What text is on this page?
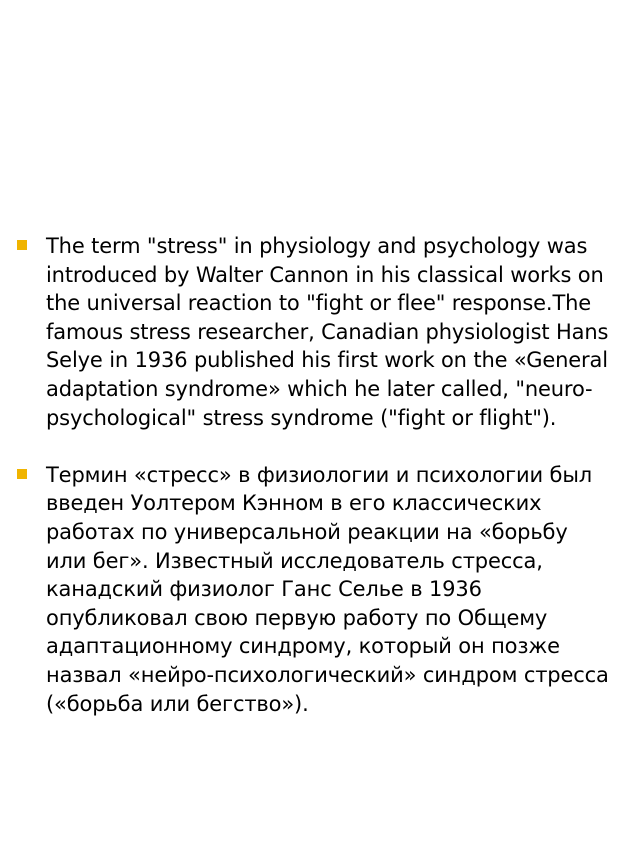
The term "stress" in physiology and psychology was introduced by Walter Cannon in his classical works on the universal reaction to "fight or flee" response.The famous stress researcher, Canadian physiologist Hans Selye in 1936 published his first work on the «General adaptation syndrome» which he later called, "neuro-psychological" stress syndrome ("fight or flight").
Термин «стресс» в физиологии и психологии был введен Уолтером Кэнном в его классических работах по универсальной реакции на «борьбу или бег». Известный исследователь стресса, канадский физиолог Ганс Селье в 1936 опубликовал свою первую работу по Общему адаптационному синдрому, который он позже назвал «нейро-психологический» синдром стресса («борьба или бегство»).
